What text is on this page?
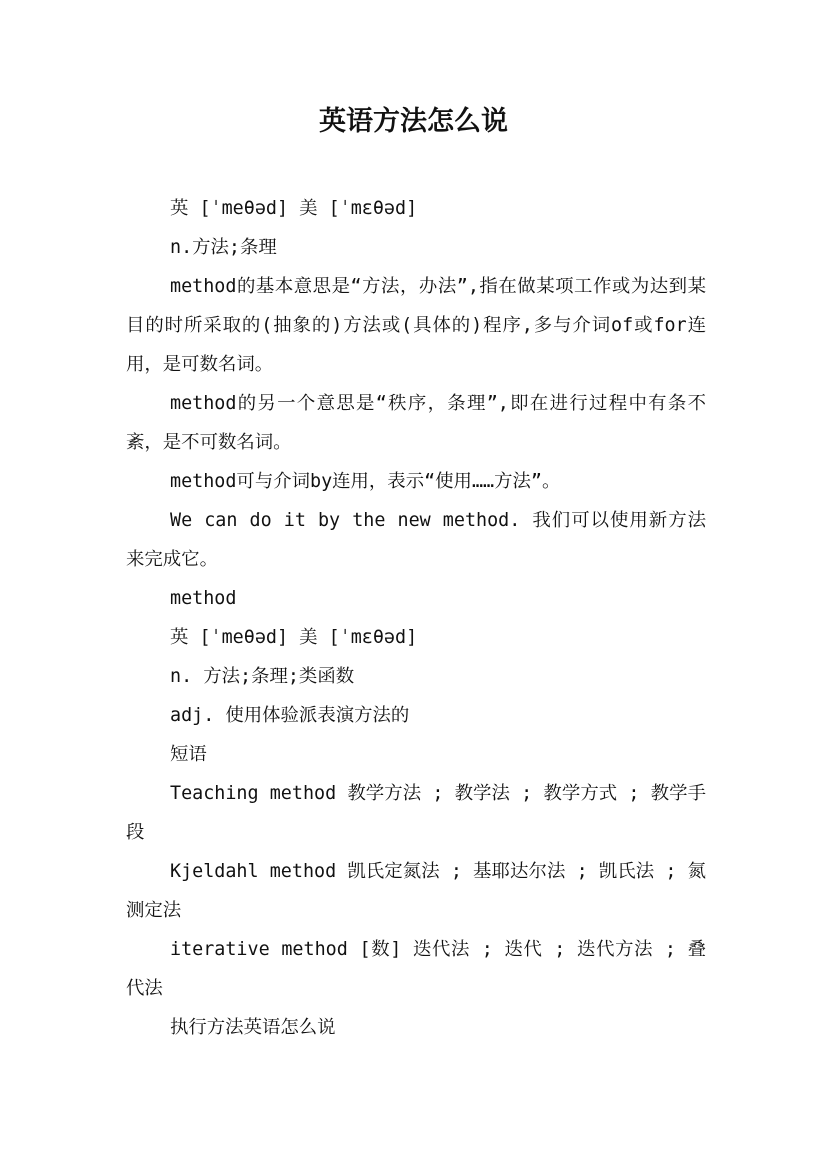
英语方法怎么说

英 [ˈmeθəd] 美 [ˈmɛθəd]

n.方法;条理

method的基本意思是“方法，办法”,指在做某项工作或为达到某目的时所采取的(抽象的)方法或(具体的)程序,多与介词of或for连用，是可数名词。

method的另一个意思是“秩序，条理”,即在进行过程中有条不紊，是不可数名词。

method可与介词by连用，表示“使用……方法”。

We can do it by the new method. 我们可以使用新方法来完成它。

method

英 [ˈmeθəd] 美 [ˈmɛθəd]

n. 方法;条理;类函数

adj. 使用体验派表演方法的

短语

Teaching method 教学方法 ; 教学法 ; 教学方式 ; 教学手段

Kjeldahl method 凯氏定氮法 ; 基耶达尔法 ; 凯氏法 ; 氮测定法

iterative method [数] 迭代法 ; 迭代 ; 迭代方法 ; 叠代法

执行方法英语怎么说
